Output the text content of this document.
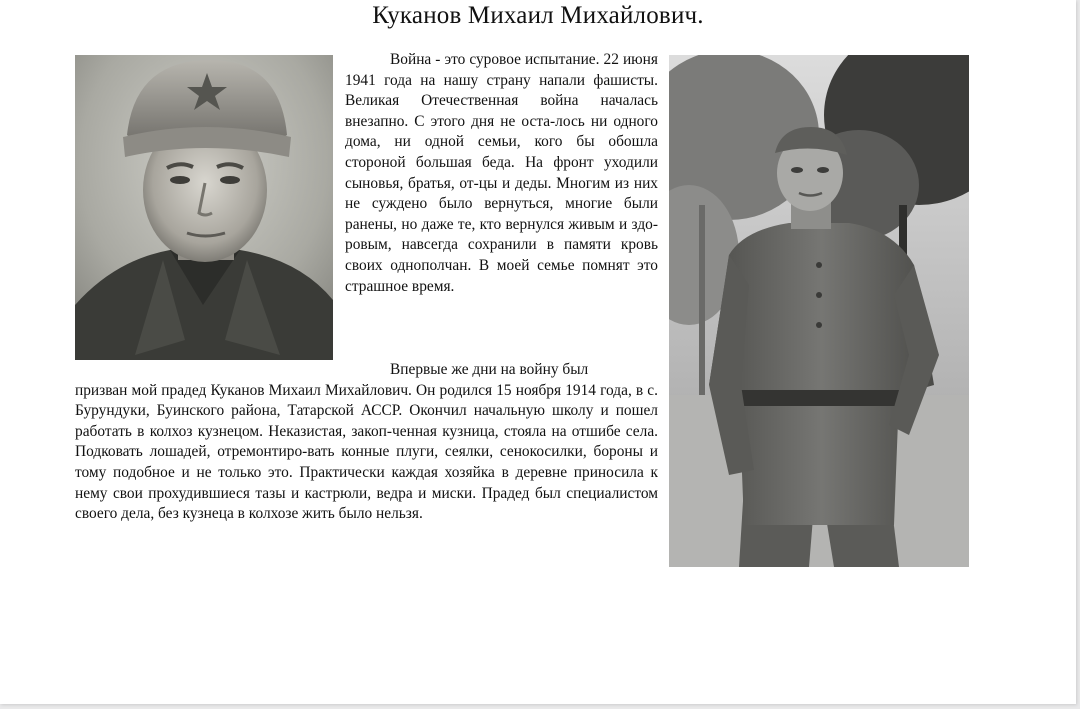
Куканов Михаил Михайлович.

Война - это суровое испытание. 22 июня 1941 года на нашу страну напали фашисты. Великая Отечественная война началась внезапно. С этого дня не оста-лось ни одного дома, ни одной семьи, кого бы обошла стороной большая беда. На фронт уходили сыновья, братья, от-цы и деды. Многим из них не суждено было вернуться, многие были ранены, но даже те, кто вернулся живым и здо-ровым, навсегда сохранили в памяти кровь своих однополчан. В моей семье помнят это страшное время.

Впервые же дни на войну был
призван мой прадед Куканов Михаил Михайлович. Он родился 15 ноября 1914 года, в с. Бурундуки, Буинского района, Татарской АССР. Окончил начальную школу и пошел работать в колхоз кузнецом. Неказистая, закоп-ченная кузница, стояла на отшибе села. Подковать лошадей, отремонтиро-вать конные плуги, сеялки, сенокосилки, бороны и тому подобное и не только это. Практически каждая хозяйка в деревне приносила к нему свои прохудившиеся тазы и кастрюли, ведра и миски. Прадед был специалистом своего дела, без кузнеца в колхозе жить было нельзя.
